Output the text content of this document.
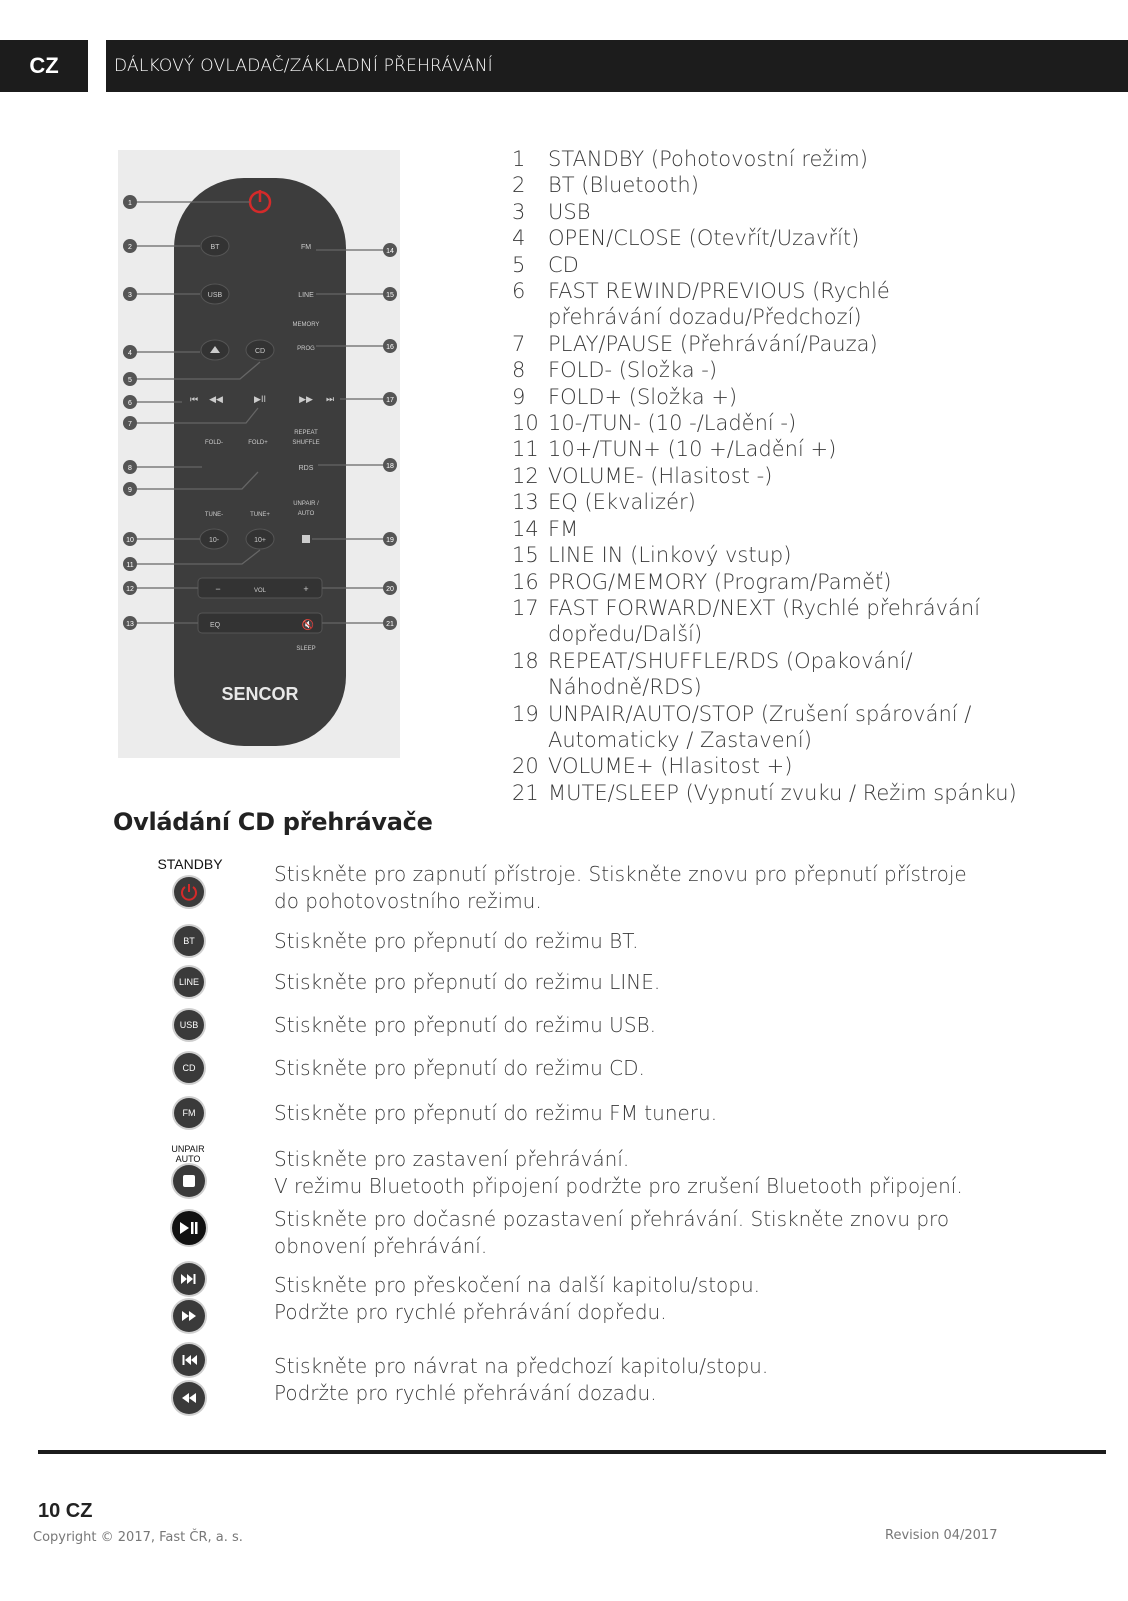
CZ	DÁLKOVÝ OVLADAČ/ZÁKLADNÍ PŘEHRÁVÁNÍ
BT	FM
USB	LINE
MEMORY
CD	PROG
⏮ ◀◀	▶II	▶▶ ⏭
REPEAT
FOLD-	FOLD+	SHUFFLE
RDS
UNPAIR /
AUTO
TUNE-	TUNE+
10-	10+
−	VOL	+
EQ	🔇
SLEEP
SENCOR
1
2
3
4
5
6
7
8
9
10
11
12
13
14
15
16
17
18
19
20
21
1	STANDBY (Pohotovostní režim)
2	BT (Bluetooth)
3	USB
4	OPEN/CLOSE (Otevřít/Uzavřít)
5	CD
6	FAST REWIND/PREVIOUS (Rychlé přehrávání dozadu/Předchozí)
7	PLAY/PAUSE (Přehrávání/Pauza)
8	FOLD- (Složka -)
9	FOLD+ (Složka +)
10 10-/TUN- (10 -/Ladění -)
11 10+/TUN+ (10 +/Ladění +)
12 VOLUME- (Hlasitost -)
13 EQ (Ekvalizér)
14 FM
15 LINE IN (Linkový vstup)
16 PROG/MEMORY (Program/Paměť)
17 FAST FORWARD/NEXT (Rychlé přehrávání dopředu/Další)
18 REPEAT/SHUFFLE/RDS (Opakování/ Náhodně/RDS)
19 UNPAIR/AUTO/STOP (Zrušení spárování / Automaticky / Zastavení)
20 VOLUME+ (Hlasitost +)
21 MUTE/SLEEP (Vypnutí zvuku / Režim spánku)
Ovládání CD přehrávače
STANDBY	Stiskněte pro zapnutí přístroje. Stiskněte znovu pro přepnutí přístroje
do pohotovostního režimu.
BT	Stiskněte pro přepnutí do režimu BT.
LINE	Stiskněte pro přepnutí do režimu LINE.
USB	Stiskněte pro přepnutí do režimu USB.
CD	Stiskněte pro přepnutí do režimu CD.
FM	Stiskněte pro přepnutí do režimu FM tuneru.
UNPAIR
AUTO	Stiskněte pro zastavení přehrávání.
V režimu Bluetooth připojení podržte pro zrušení Bluetooth připojení.
Stiskněte pro dočasné pozastavení přehrávání. Stiskněte znovu pro
obnovení přehrávání.
Stiskněte pro přeskočení na další kapitolu/stopu.
Podržte pro rychlé přehrávání dopředu.
Stiskněte pro návrat na předchozí kapitolu/stopu.
Podržte pro rychlé přehrávání dozadu.
10 CZ
Copyright © 2017, Fast ČR, a. s.	Revision 04/2017
